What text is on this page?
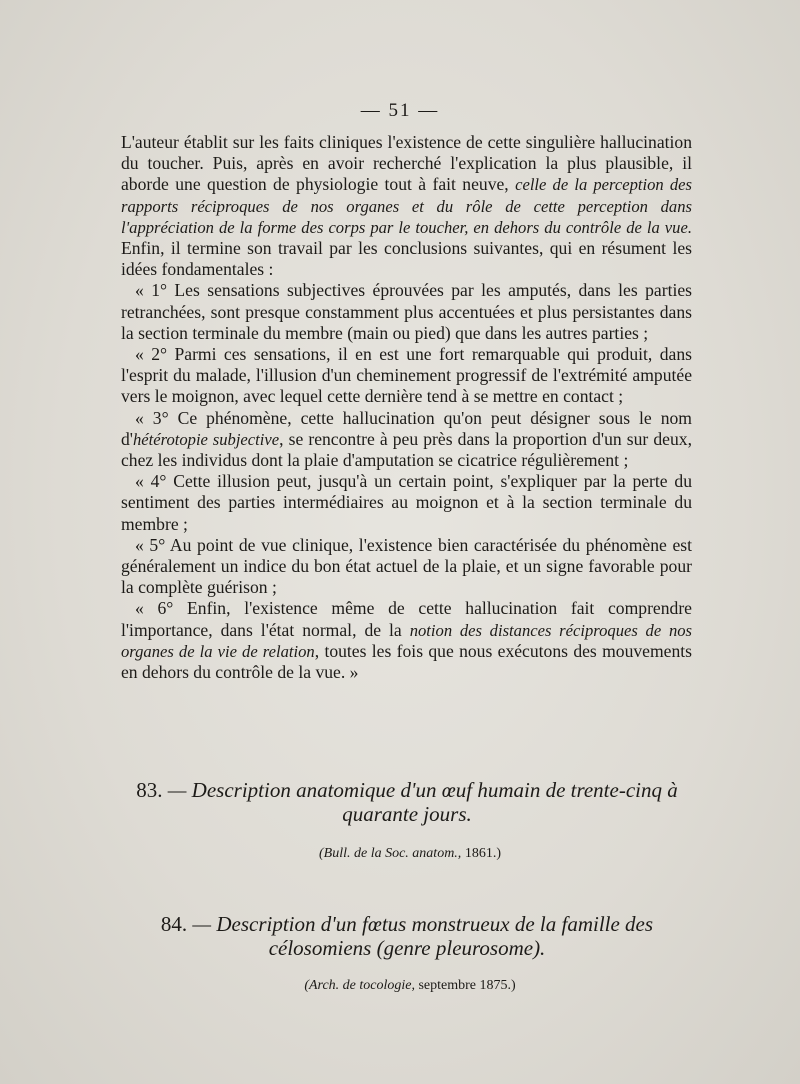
— 51 —

L'auteur établit sur les faits cliniques l'existence de cette singulière hallucination du toucher. Puis, après en avoir recherché l'explication la plus plausible, il aborde une question de physiologie tout à fait neuve, celle de la perception des rapports réciproques de nos organes et du rôle de cette perception dans l'appréciation de la forme des corps par le toucher, en dehors du contrôle de la vue. Enfin, il termine son travail par les conclusions suivantes, qui en résument les idées fondamentales :

« 1° Les sensations subjectives éprouvées par les amputés, dans les parties retranchées, sont presque constamment plus accentuées et plus persistantes dans la section terminale du membre (main ou pied) que dans les autres parties ;

« 2° Parmi ces sensations, il en est une fort remarquable qui produit, dans l'esprit du malade, l'illusion d'un cheminement progressif de l'extrémité amputée vers le moignon, avec lequel cette dernière tend à se mettre en contact ;

« 3° Ce phénomène, cette hallucination qu'on peut désigner sous le nom d'hétérotopie subjective, se rencontre à peu près dans la proportion d'un sur deux, chez les individus dont la plaie d'amputation se cicatrice régulièrement ;

« 4° Cette illusion peut, jusqu'à un certain point, s'expliquer par la perte du sentiment des parties intermédiaires au moignon et à la section terminale du membre ;

« 5° Au point de vue clinique, l'existence bien caractérisée du phénomène est généralement un indice du bon état actuel de la plaie, et un signe favorable pour la complète guérison ;

« 6° Enfin, l'existence même de cette hallucination fait comprendre l'importance, dans l'état normal, de la notion des distances réciproques de nos organes de la vie de relation, toutes les fois que nous exécutons des mouvements en dehors du contrôle de la vue. »

83. — Description anatomique d'un œuf humain de trente-cinq à quarante jours.
(Bull. de la Soc. anatom., 1861.)
84. — Description d'un fœtus monstrueux de la famille des célosomiens (genre pleurosome).
(Arch. de tocologie, septembre 1875.)
